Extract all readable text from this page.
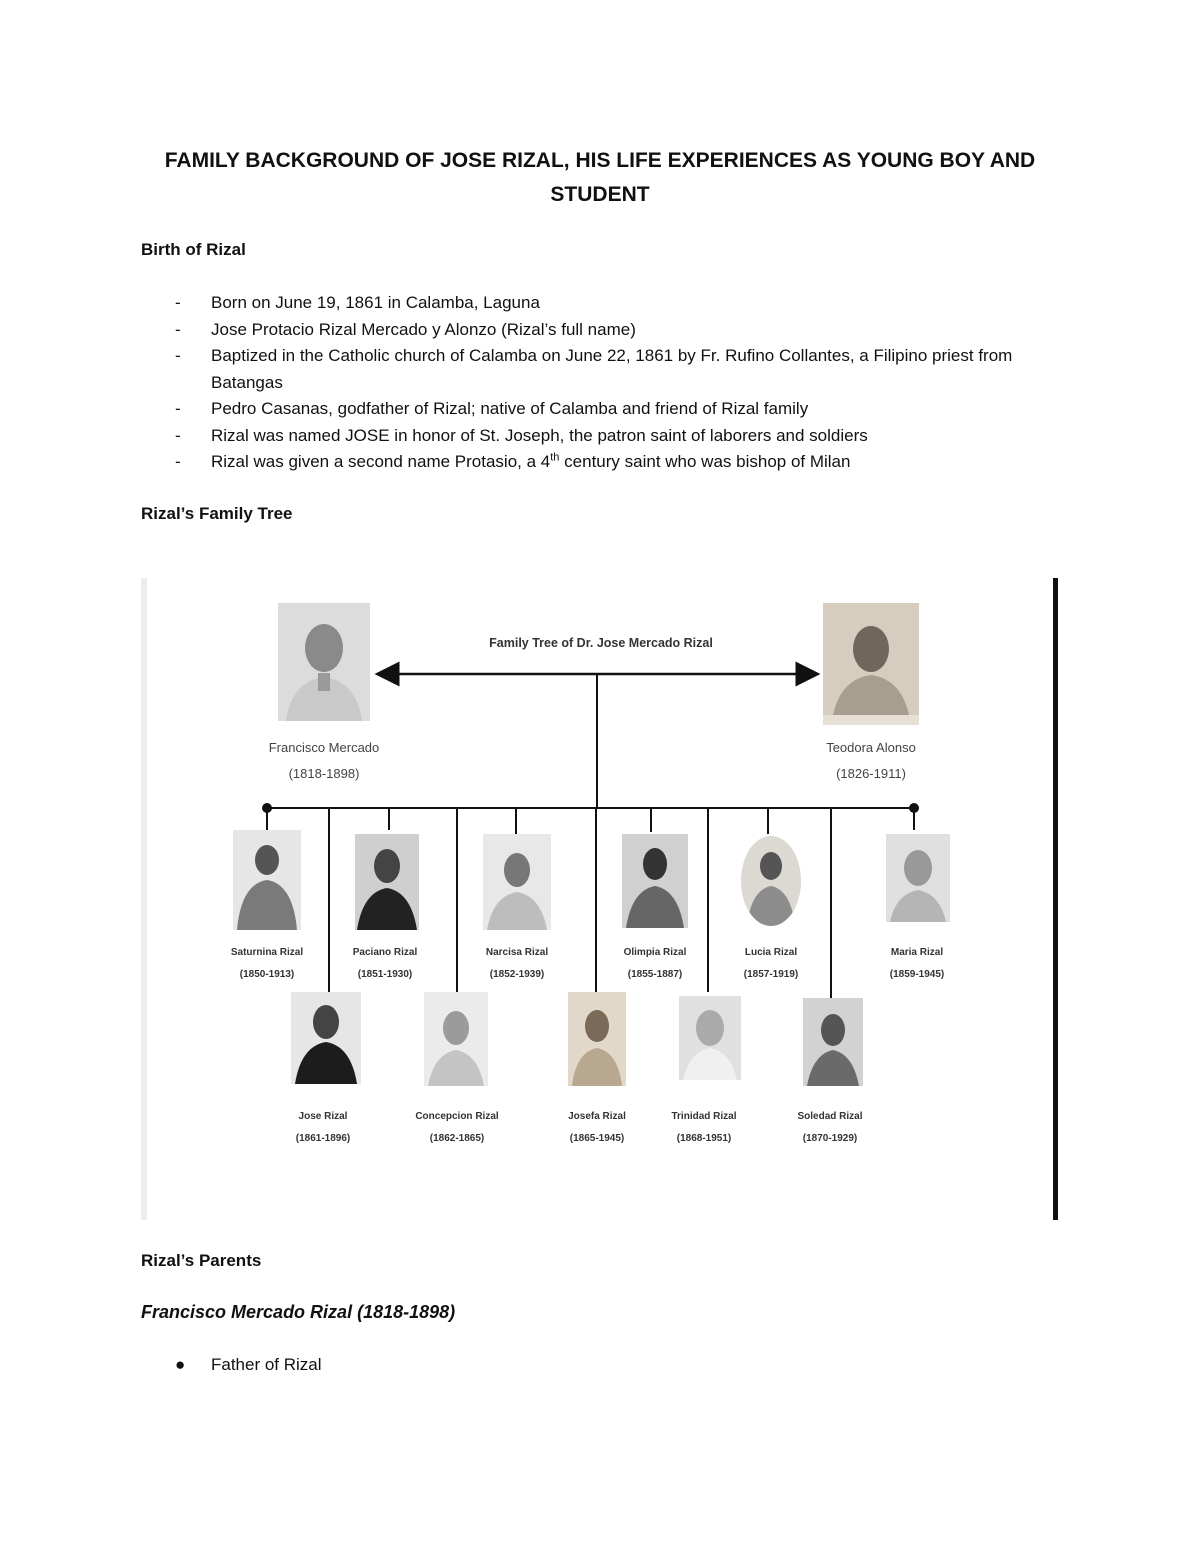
FAMILY BACKGROUND OF JOSE RIZAL, HIS LIFE EXPERIENCES AS YOUNG BOY AND STUDENT
Birth of Rizal
- Born on June 19, 1861 in Calamba, Laguna
- Jose Protacio Rizal Mercado y Alonzo (Rizal’s full name)
- Baptized in the Catholic church of Calamba on June 22, 1861 by Fr. Rufino Collantes, a Filipino priest from Batangas
- Pedro Casanas, godfather of Rizal; native of Calamba and friend of Rizal family
- Rizal was named JOSE in honor of St. Joseph, the patron saint of laborers and soldiers
- Rizal was given a second name Protasio, a 4th century saint who was bishop of Milan
Rizal’s Family Tree
Family Tree of Dr. Jose Mercado Rizal
Francisco Mercado
(1818-1898)
Teodora Alonso
(1826-1911)
Saturnina Rizal
(1850-1913)
Paciano Rizal
(1851-1930)
Narcisa Rizal
(1852-1939)
Olimpia Rizal
(1855-1887)
Lucia Rizal
(1857-1919)
Maria Rizal
(1859-1945)
Jose Rizal
(1861-1896)
Concepcion Rizal
(1862-1865)
Josefa Rizal
(1865-1945)
Trinidad Rizal
(1868-1951)
Soledad Rizal
(1870-1929)
Rizal’s Parents
Francisco Mercado Rizal (1818-1898)
● Father of Rizal
